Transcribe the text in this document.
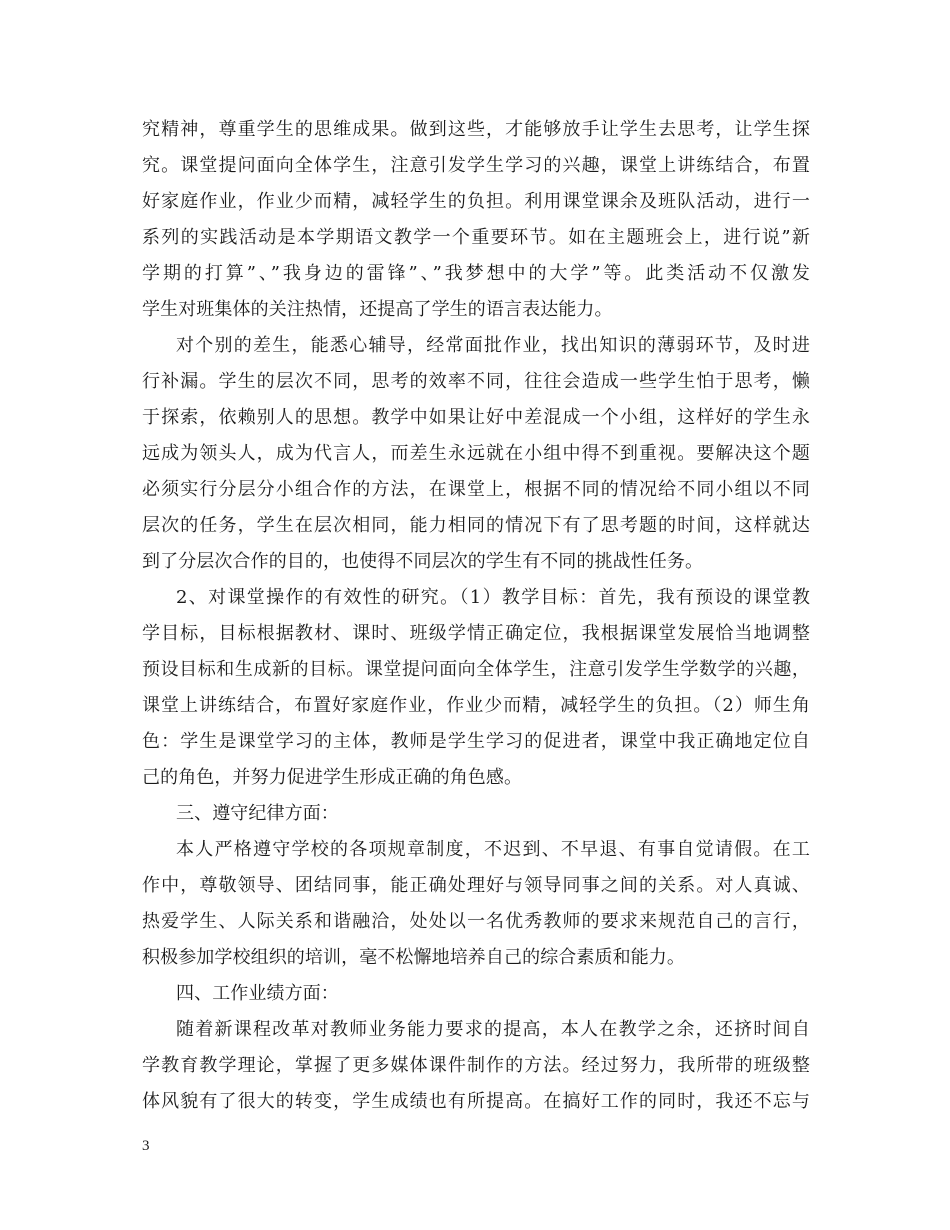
究精神，尊重学生的思维成果。做到这些，才能够放手让学生去思考，让学生探
究。课堂提问面向全体学生，注意引发学生学习的兴趣，课堂上讲练结合，布置
好家庭作业，作业少而精，减轻学生的负担。利用课堂课余及班队活动，进行一
系列的实践活动是本学期语文教学一个重要环节。如在主题班会上，进行说”新
学期的打算”、”我身边的雷锋”、”我梦想中的大学”等。此类活动不仅激发
学生对班集体的关注热情，还提高了学生的语言表达能力。
对个别的差生，能悉心辅导，经常面批作业，找出知识的薄弱环节，及时进
行补漏。学生的层次不同，思考的效率不同，往往会造成一些学生怕于思考，懒
于探索，依赖别人的思想。教学中如果让好中差混成一个小组，这样好的学生永
远成为领头人，成为代言人，而差生永远就在小组中得不到重视。要解决这个题
必须实行分层分小组合作的方法，在课堂上，根据不同的情况给不同小组以不同
层次的任务，学生在层次相同，能力相同的情况下有了思考题的时间，这样就达
到了分层次合作的目的，也使得不同层次的学生有不同的挑战性任务。
2、对课堂操作的有效性的研究。（1）教学目标：首先，我有预设的课堂教
学目标，目标根据教材、课时、班级学情正确定位，我根据课堂发展恰当地调整
预设目标和生成新的目标。课堂提问面向全体学生，注意引发学生学数学的兴趣，
课堂上讲练结合，布置好家庭作业，作业少而精，减轻学生的负担。（2）师生角
色：学生是课堂学习的主体，教师是学生学习的促进者，课堂中我正确地定位自
己的角色，并努力促进学生形成正确的角色感。
三、遵守纪律方面：
本人严格遵守学校的各项规章制度，不迟到、不早退、有事自觉请假。在工
作中，尊敬领导、团结同事，能正确处理好与领导同事之间的关系。对人真诚、
热爱学生、人际关系和谐融洽，处处以一名优秀教师的要求来规范自己的言行，
积极参加学校组织的培训，毫不松懈地培养自己的综合素质和能力。
四、工作业绩方面：
随着新课程改革对教师业务能力要求的提高，本人在教学之余，还挤时间自
学教育教学理论，掌握了更多媒体课件制作的方法。经过努力，我所带的班级整
体风貌有了很大的转变，学生成绩也有所提高。在搞好工作的同时，我还不忘与
3
